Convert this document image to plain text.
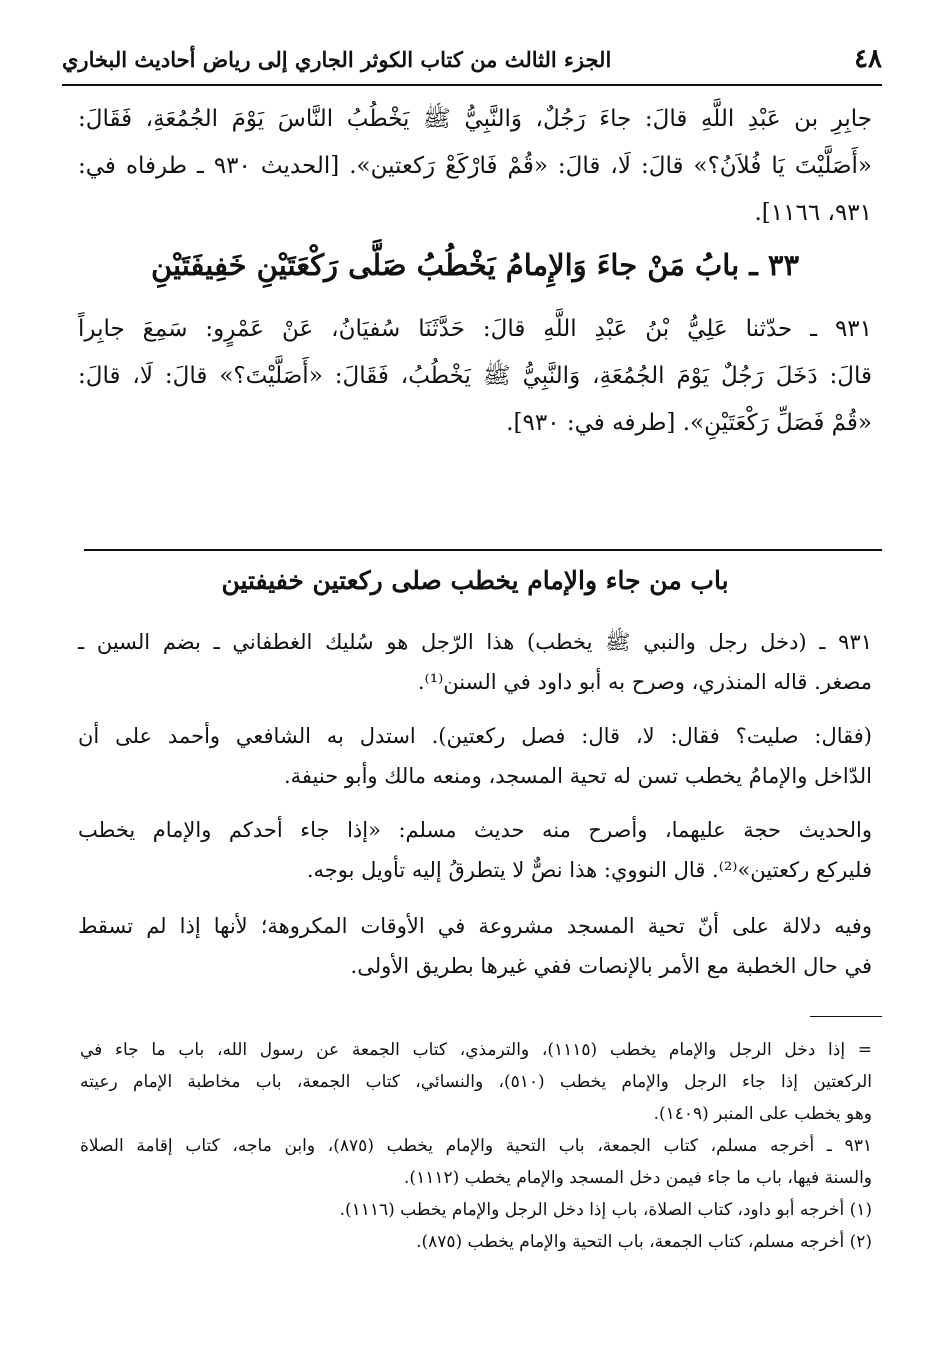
٤٨
الجزء الثالث من كتاب الكوثر الجاري إلى رياض أحاديث البخاري
جابِرِ بن عَبْدِ اللَّهِ قالَ: جاءَ رَجُلٌ، وَالنَّبِيُّ ﷺ يَخْطُبُ النَّاسَ يَوْمَ الجُمُعَةِ، فَقَالَ:
«أَصَلَّيْتَ يَا فُلاَنُ؟» قالَ: لَا، قالَ: «قُمْ فَارْكَعْ رَكعتين». [الحديث ٩٣٠ ـ طرفاه في:
٩٣١، ١١٦٦].
٣٣ ـ بابُ مَنْ جاءَ وَالإِمامُ يَخْطُبُ صَلَّى رَكْعَتَيْنِ خَفِيفَتَيْنِ
٩٣١ ـ حدّثنا عَلِيُّ بْنُ عَبْدِ اللَّهِ قالَ: حَدَّثَنَا سُفيَانُ، عَنْ عَمْرٍو: سَمِعَ جابِراً
قالَ: دَخَلَ رَجُلٌ يَوْمَ الجُمُعَةِ، وَالنَّبِيُّ ﷺ يَخْطُبُ، فَقَالَ: «أَصَلَّيْتَ؟» قالَ: لَا، قالَ:
«قُمْ فَصَلِّ رَكْعَتَيْنِ». [طرفه في: ٩٣٠].
باب من جاء والإمام يخطب صلى ركعتين خفيفتين
٩٣١ ـ (دخل رجل والنبي ﷺ يخطب) هذا الرّجل هو سُليك الغطفاني ـ بضم السين ـ
مصغر. قاله المنذري، وصرح به أبو داود في السنن⁽¹⁾.
(فقال: صليت؟ فقال: لا، قال: فصل ركعتين). استدل به الشافعي وأحمد على أن
الدّاخل والإمامُ يخطب تسن له تحية المسجد، ومنعه مالك وأبو حنيفة.
والحديث حجة عليهما، وأصرح منه حديث مسلم: «إذا جاء أحدكم والإمام يخطب
فليركع ركعتين»⁽²⁾. قال النووي: هذا نصٌّ لا يتطرقُ إليه تأويل بوجه.
وفيه دلالة على أنّ تحية المسجد مشروعة في الأوقات المكروهة؛ لأنها إذا لم تسقط
في حال الخطبة مع الأمر بالإنصات ففي غيرها بطريق الأولى.
= إذا دخل الرجل والإمام يخطب (١١١٥)، والترمذي، كتاب الجمعة عن رسول الله، باب ما جاء في
الركعتين إذا جاء الرجل والإمام يخطب (٥١٠)، والنسائي، كتاب الجمعة، باب مخاطبة الإمام رعيته
وهو يخطب على المنبر (١٤٠٩).
٩٣١ ـ أخرجه مسلم، كتاب الجمعة، باب التحية والإمام يخطب (٨٧٥)، وابن ماجه، كتاب إقامة الصلاة
والسنة فيها، باب ما جاء فيمن دخل المسجد والإمام يخطب (١١١٢).
(١) أخرجه أبو داود، كتاب الصلاة، باب إذا دخل الرجل والإمام يخطب (١١١٦).
(٢) أخرجه مسلم، كتاب الجمعة، باب التحية والإمام يخطب (٨٧٥).
